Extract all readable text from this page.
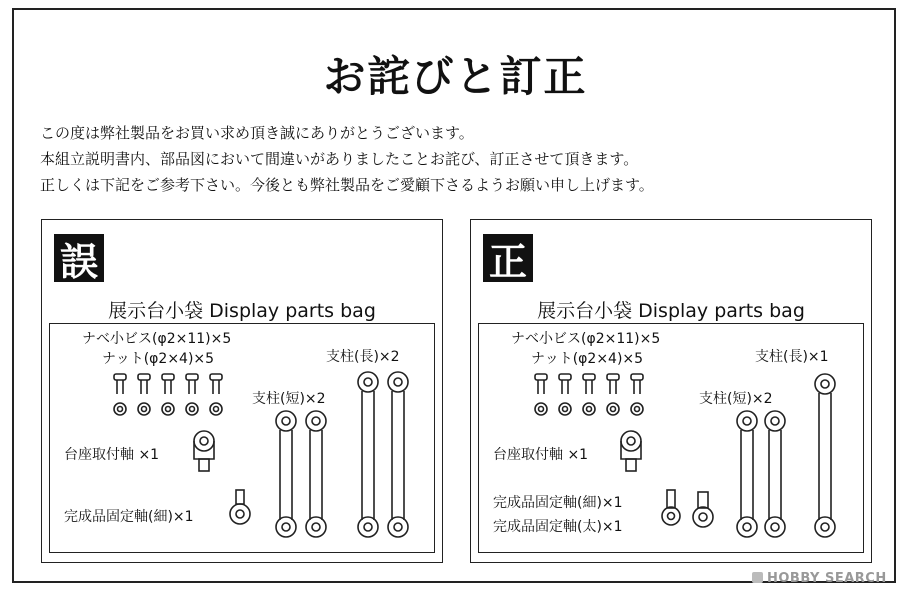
お詫びと訂正
この度は弊社製品をお買い求め頂き誠にありがとうございます。
本組立説明書内、部品図において間違いがありましたことお詫び、訂正させて頂きます。
正しくは下記をご参考下さい。今後とも弊社製品をご愛顧下さるようお願い申し上げます。
誤
展示台小袋 Display parts bag
ナベ小ビス(φ2×11)×5
ナット(φ2×4)×5	支柱(長)×2
支柱(短)×2
台座取付軸 ×1
完成品固定軸(細)×1
正
展示台小袋 Display parts bag
ナベ小ビス(φ2×11)×5
ナット(φ2×4)×5	支柱(長)×1
支柱(短)×2
台座取付軸 ×1
完成品固定軸(細)×1
完成品固定軸(太)×1
HOBBY SEARCH
